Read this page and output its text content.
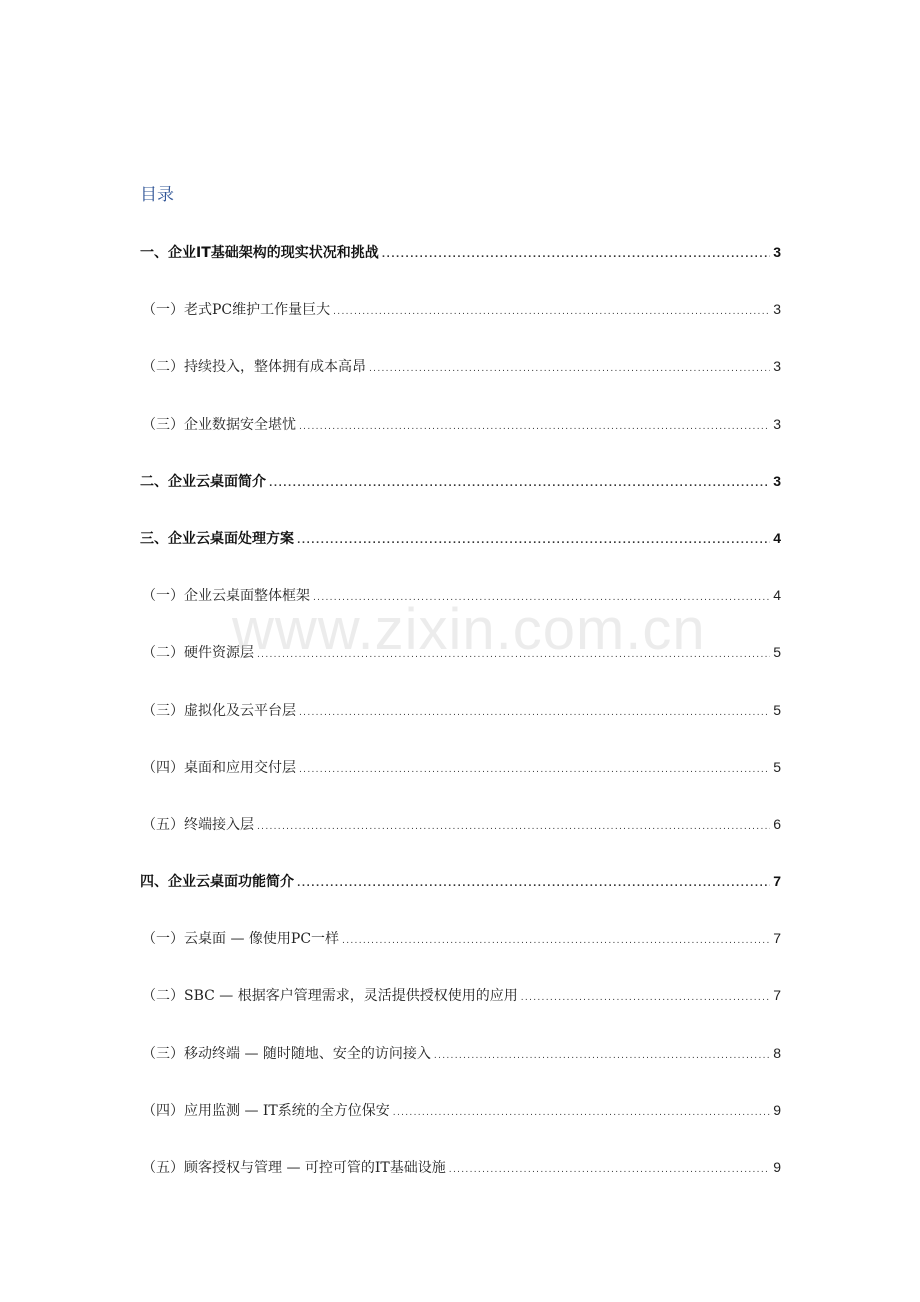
目录
一、企业IT基础架构的现实状况和挑战 .....	3
（一）老式PC维护工作量巨大 .....	3
（二）持续投入，整体拥有成本高昂 .....	3
（三）企业数据安全堪忧 .....	3
二、企业云桌面简介 .....	3
三、企业云桌面处理方案 .....	4
（一）企业云桌面整体框架 .....	4
（二）硬件资源层 .....	5
（三）虚拟化及云平台层 .....	5
（四）桌面和应用交付层 .....	5
（五）终端接入层 .....	6
四、企业云桌面功能简介 .....	7
（一）云桌面 — 像使用PC一样 .....	7
（二）SBC — 根据客户管理需求，灵活提供授权使用的应用 .....	7
（三）移动终端 — 随时随地、安全的访问接入 .....	8
（四）应用监测 — IT系统的全方位保安 .....	9
（五）顾客授权与管理 — 可控可管的IT基础设施 .....	9
www.zixin.com.cn
